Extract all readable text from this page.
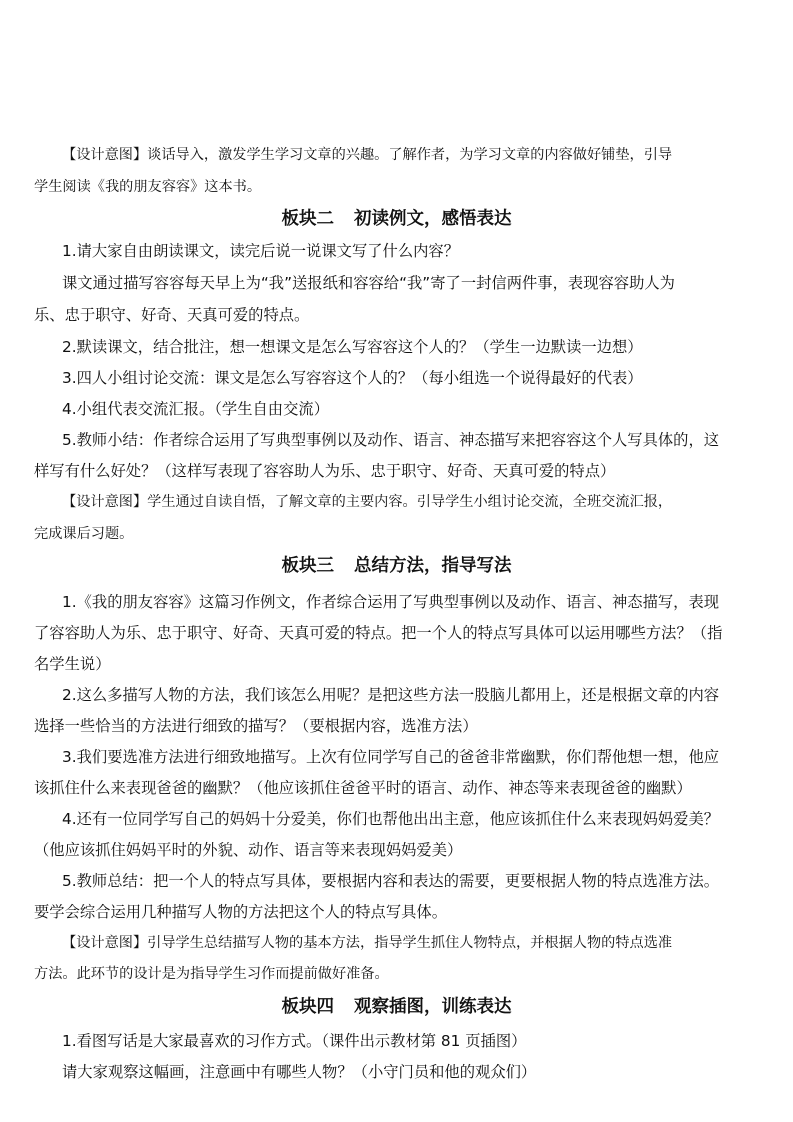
【设计意图】谈话导入，激发学生学习文章的兴趣。了解作者，为学习文章的内容做好铺垫，引导
学生阅读《我的朋友容容》这本书。
板块二 初读例文，感悟表达
1.请大家自由朗读课文，读完后说一说课文写了什么内容？
课文通过描写容容每天早上为“我”送报纸和容容给“我”寄了一封信两件事，表现容容助人为
乐、忠于职守、好奇、天真可爱的特点。
2.默读课文，结合批注，想一想课文是怎么写容容这个人的？（学生一边默读一边想）
3.四人小组讨论交流：课文是怎么写容容这个人的？（每小组选一个说得最好的代表）
4.小组代表交流汇报。（学生自由交流）
5.教师小结：作者综合运用了写典型事例以及动作、语言、神态描写来把容容这个人写具体的，这
样写有什么好处？（这样写表现了容容助人为乐、忠于职守、好奇、天真可爱的特点）
【设计意图】学生通过自读自悟，了解文章的主要内容。引导学生小组讨论交流，全班交流汇报，
完成课后习题。
板块三 总结方法，指导写法
1.《我的朋友容容》这篇习作例文，作者综合运用了写典型事例以及动作、语言、神态描写，表现
了容容助人为乐、忠于职守、好奇、天真可爱的特点。把一个人的特点写具体可以运用哪些方法？（指
名学生说）
2.这么多描写人物的方法，我们该怎么用呢？是把这些方法一股脑儿都用上，还是根据文章的内容
选择一些恰当的方法进行细致的描写？（要根据内容，选准方法）
3.我们要选准方法进行细致地描写。上次有位同学写自己的爸爸非常幽默，你们帮他想一想，他应
该抓住什么来表现爸爸的幽默？（他应该抓住爸爸平时的语言、动作、神态等来表现爸爸的幽默）
4.还有一位同学写自己的妈妈十分爱美，你们也帮他出出主意，他应该抓住什么来表现妈妈爱美？
（他应该抓住妈妈平时的外貌、动作、语言等来表现妈妈爱美）
5.教师总结：把一个人的特点写具体，要根据内容和表达的需要，更要根据人物的特点选准方法。
要学会综合运用几种描写人物的方法把这个人的特点写具体。
【设计意图】引导学生总结描写人物的基本方法，指导学生抓住人物特点，并根据人物的特点选准
方法。此环节的设计是为指导学生习作而提前做好准备。
板块四 观察插图，训练表达
1.看图写话是大家最喜欢的习作方式。（课件出示教材第 81 页插图）
请大家观察这幅画，注意画中有哪些人物？（小守门员和他的观众们）
